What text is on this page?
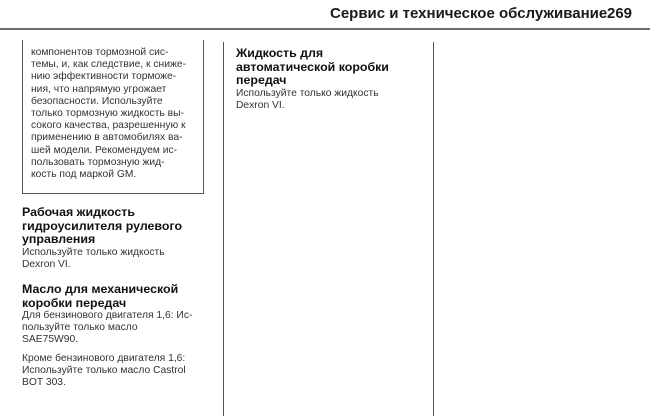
Сервис и техническое обслуживание 269
компонентов тормозной сис-
темы, и, как следствие, к сниже-
нию эффективности торможе-
ния, что напрямую угрожает
безопасности. Используйте
только тормозную жидкость вы-
сокого качества, разрешенную к
применению в автомобилях ва-
шей модели. Рекомендуем ис-
пользовать тормозную жид-
кость под маркой GM.
Рабочая жидкость
гидроусилителя рулевого
управления
Используйте только жидкость
Dexron VI.
Масло для механической
коробки передач
Для бензинового двигателя 1,6: Ис-
пользуйте только масло
SAE75W90.
Кроме бензинового двигателя 1,6:
Используйте только масло Castrol
BOT 303.
Жидкость для
автоматической коробки
передач
Используйте только жидкость
Dexron VI.
